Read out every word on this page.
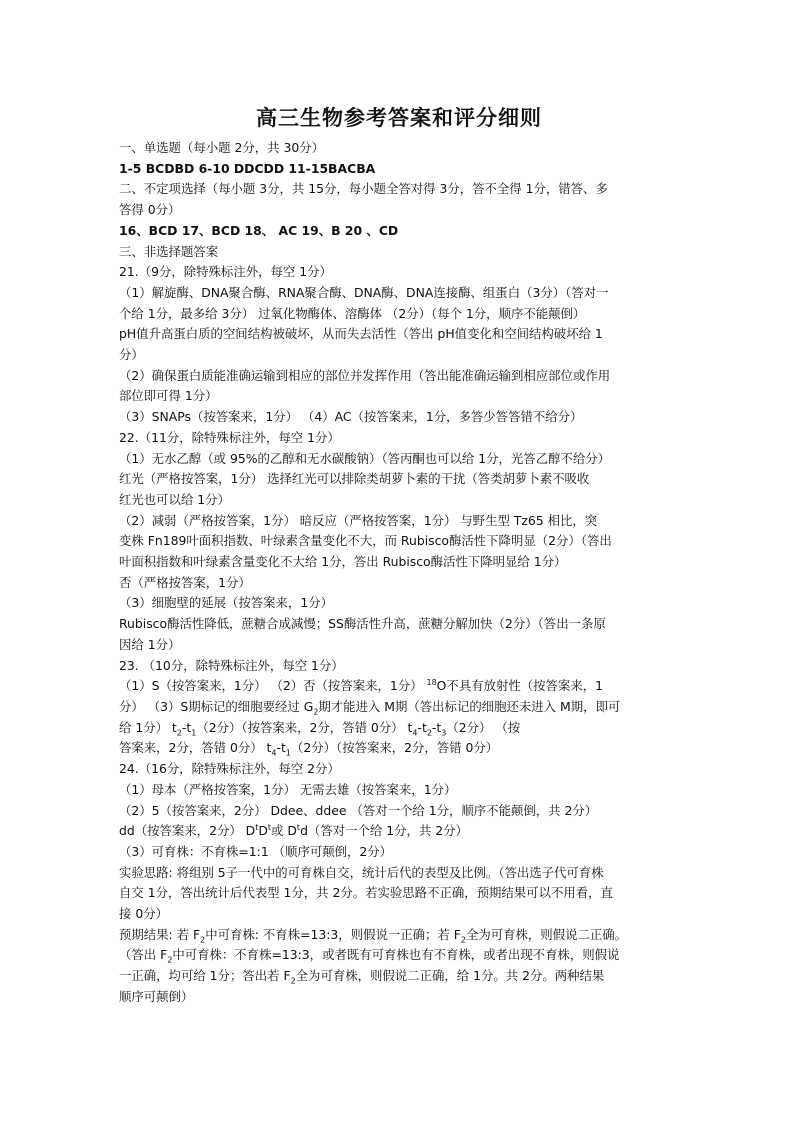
高三生物参考答案和评分细则
一、单选题（每小题 2分，共 30分）
1-5 BCDBD 6-10 DDCDD 11-15BACBA
二、不定项选择（每小题 3分，共 15分，每小题全答对得 3分，答不全得 1分，错答、多
答得 0分）
16、BCD 17、BCD 18、 AC 19、B 20 、CD
三、非选择题答案
21.（9分，除特殊标注外，每空 1分）
（1）解旋酶、DNA聚合酶、RNA聚合酶、DNA酶、DNA连接酶、组蛋白（3分）（答对一
个给 1分，最多给 3分） 过氧化物酶体、溶酶体 （2分）（每个 1分，顺序不能颠倒）
pH值升高蛋白质的空间结构被破坏，从而失去活性（答出 pH值变化和空间结构破坏给 1
分）
（2）确保蛋白质能准确运输到相应的部位并发挥作用（答出能准确运输到相应部位或作用
部位即可得 1分）
（3）SNAPs（按答案来，1分） （4）AC（按答案来，1分，多答少答答错不给分）
22.（11分，除特殊标注外，每空 1分）
（1）无水乙醇（或 95%的乙醇和无水碳酸钠）（答丙酮也可以给 1分，光答乙醇不给分）
红光（严格按答案，1分） 选择红光可以排除类胡萝卜素的干扰（答类胡萝卜素不吸收
红光也可以给 1分）
（2）减弱（严格按答案，1分） 暗反应（严格按答案，1分） 与野生型 Tz65 相比，突
变株 Fn189叶面积指数、叶绿素含量变化不大，而 Rubisco酶活性下降明显（2分）（答出
叶面积指数和叶绿素含量变化不大给 1分，答出 Rubisco酶活性下降明显给 1分）
否（严格按答案，1分）
（3）细胞壁的延展（按答案来，1分）
Rubisco酶活性降低，蔗糖合成减慢；SS酶活性升高，蔗糖分解加快（2分）（答出一条原
因给 1分）
23. （10分，除特殊标注外，每空 1分）
（1）S（按答案来，1分） （2）否（按答案来，1分） $^{18}$O不具有放射性（按答案来，1
分） （3）S期标记的细胞要经过 $G_2$期才能进入 M期（答出标记的细胞还未进入 M期，即可
给 1分） $t_2-t_1(2$分）（按答案来，2分，答错 0分） $t_4-t_2-t_3(2$分） （按
答案来，2分，答错 0分） $t_4-t_1(2$分）（按答案来，2分，答错 0分）
24.（16分，除特殊标注外，每空 2分）
（1）母本（严格按答案，1分） 无需去雄（按答案来，1分）
（2）5（按答案来，2分） Ddee、ddee （答对一个给 1分，顺序不能颠倒，共 2分）
dd（按答案来，2分） $D^tD^t$或 $D^td$（答对一个给 1分，共 2分）
（3）可育株：不育株=1:1 （顺序可颠倒，2分）
实验思路: 将组别 5子一代中的可育株自交，统计后代的表型及比例。（答出选子代可育株
自交 1分，答出统计后代表型 1分，共 2分。若实验思路不正确，预期结果可以不用看，直
接 0分）
预期结果: 若 $F_2$中可育株: 不育株=13:3，则假说一正确；若 $F_2$全为可育株，则假说二正确。
（答出 $F_2$中可育株：不育株=13:3，或者既有可育株也有不育株，或者出现不育株，则假说
一正确，均可给 1分；答出若 $F_2$全为可育株，则假说二正确，给 1分。共 2分。两种结果
顺序可颠倒）
